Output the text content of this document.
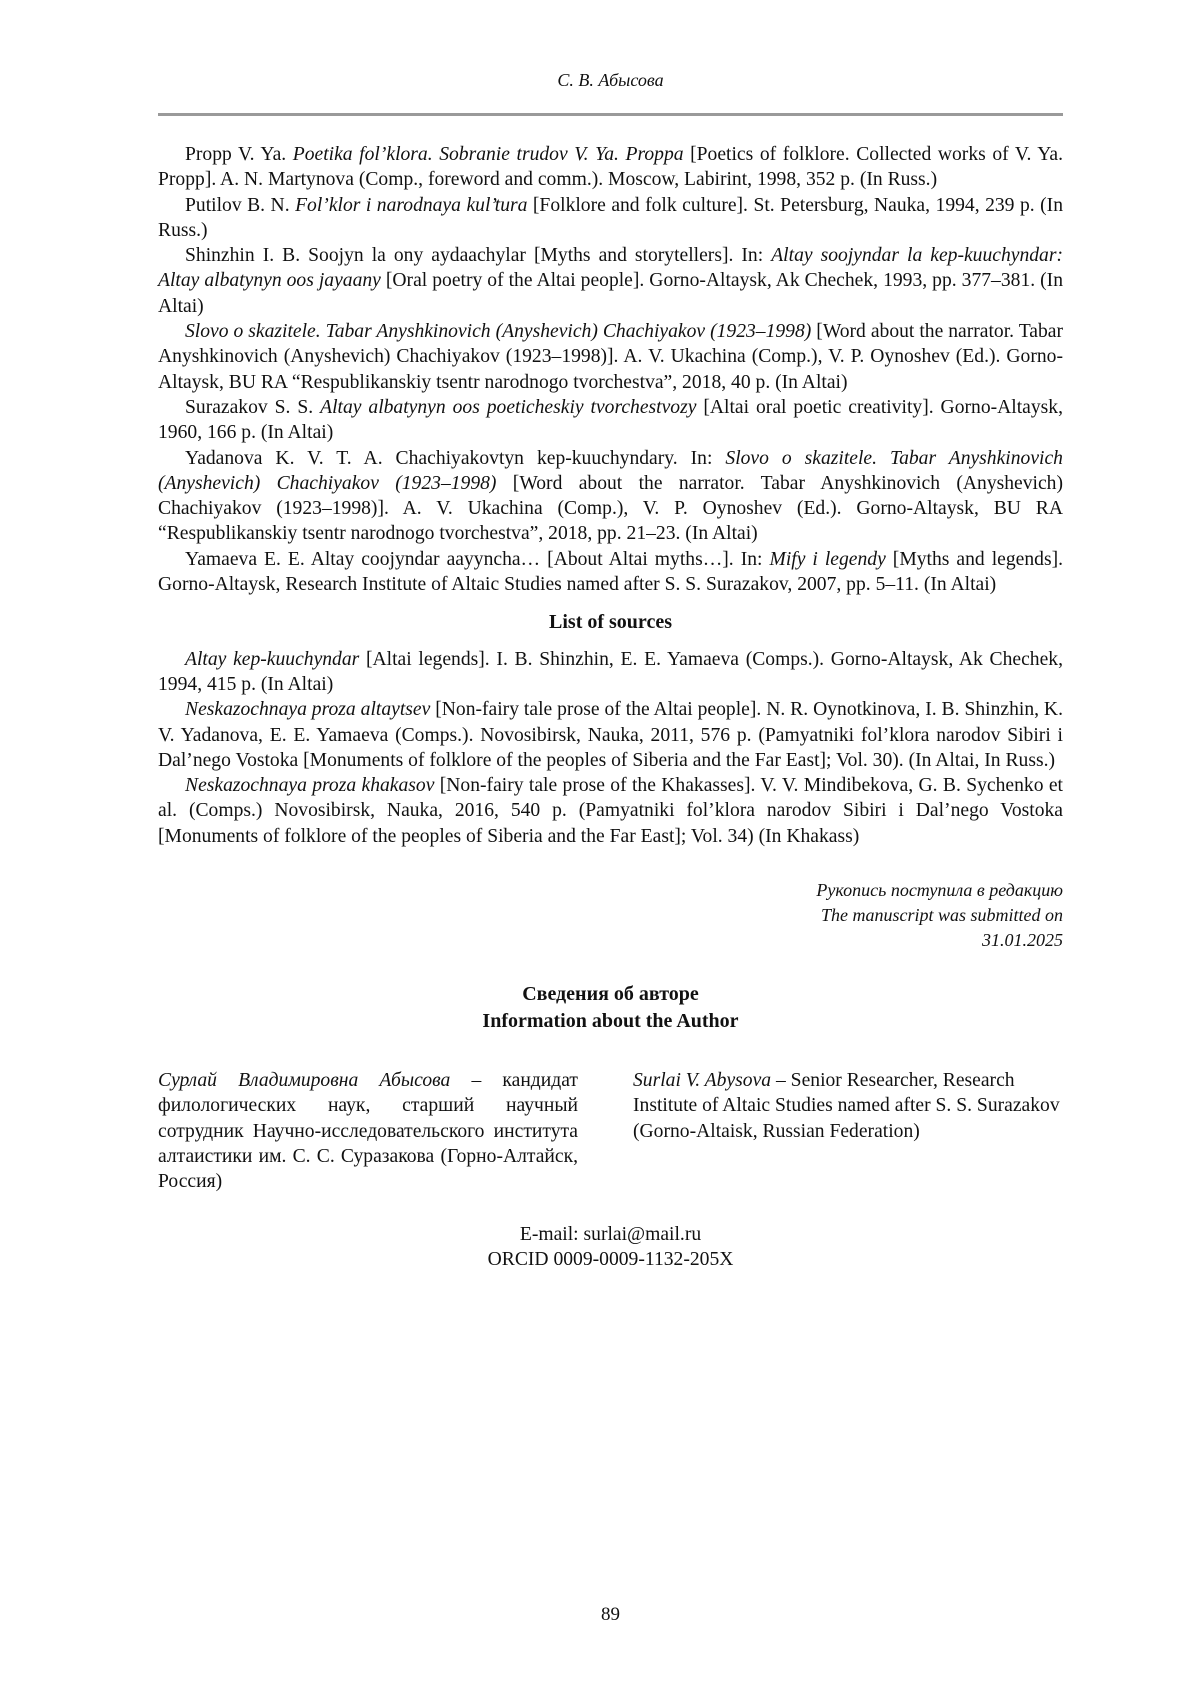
С. В. Абысова

Propp V. Ya. Poetika fol’klora. Sobranie trudov V. Ya. Proppa [Poetics of folklore. Collected works of V. Ya. Propp]. A. N. Martynova (Comp., foreword and comm.). Moscow, Labirint, 1998, 352 p. (In Russ.)

Putilov B. N. Fol’klor i narodnaya kul’tura [Folklore and folk culture]. St. Petersburg, Nauka, 1994, 239 p. (In Russ.)

Shinzhin I. B. Soojyn la ony aydaachylar [Myths and storytellers]. In: Altay soojyndar la kep-kuuchyndar: Altay albatynyn oos jayaany [Oral poetry of the Altai people]. Gorno-Altaysk, Ak Chechek, 1993, pp. 377–381. (In Altai)

Slovo o skazitele. Tabar Anyshkinovich (Anyshevich) Chachiyakov (1923–1998) [Word about the narrator. Tabar Anyshkinovich (Anyshevich) Chachiyakov (1923–1998)]. A. V. Ukachina (Comp.), V. P. Oynoshev (Ed.). Gorno-Altaysk, BU RA “Respublikanskiy tsentr narodnogo tvorchestva”, 2018, 40 p. (In Altai)

Surazakov S. S. Altay albatynyn oos poeticheskiy tvorchestvozy [Altai oral poetic creativity]. Gorno-Altaysk, 1960, 166 p. (In Altai)

Yadanova K. V. T. A. Chachiyakovtyn kep-kuuchyndary. In: Slovo o skazitele. Tabar Anyshkinovich (Anyshevich) Chachiyakov (1923–1998) [Word about the narrator. Tabar Anyshkinovich (Anyshevich) Chachiyakov (1923–1998)]. A. V. Ukachina (Comp.), V. P. Oynoshev (Ed.). Gorno-Altaysk, BU RA “Respublikanskiy tsentr narodnogo tvorchestva”, 2018, pp. 21–23. (In Altai)

Yamaeva E. E. Altay coojyndar aayyncha… [About Altai myths…]. In: Mify i legendy [Myths and legends]. Gorno-Altaysk, Research Institute of Altaic Studies named after S. S. Surazakov, 2007, pp. 5–11. (In Altai)

List of sources

Altay kep-kuuchyndar [Altai legends]. I. B. Shinzhin, E. E. Yamaeva (Comps.). Gorno-Altaysk, Ak Chechek, 1994, 415 p. (In Altai)

Neskazochnaya proza altaytsev [Non-fairy tale prose of the Altai people]. N. R. Oynotkinova, I. B. Shinzhin, K. V. Yadanova, E. E. Yamaeva (Comps.). Novosibirsk, Nauka, 2011, 576 p. (Pamyatniki fol’klora narodov Sibiri i Dal’nego Vostoka [Monuments of folklore of the peoples of Siberia and the Far East]; Vol. 30). (In Altai, In Russ.)

Neskazochnaya proza khakasov [Non-fairy tale prose of the Khakasses]. V. V. Mindibekova, G. B. Sychenko et al. (Comps.) Novosibirsk, Nauka, 2016, 540 p. (Pamyatniki fol’klora narodov Sibiri i Dal’nego Vostoka [Monuments of folklore of the peoples of Siberia and the Far East]; Vol. 34) (In Khakass)

Рукопись поступила в редакцию
The manuscript was submitted on
31.01.2025
Сведения об авторе
Information about the Author
Сурлай Владимировна Абысова – кандидат филологических наук, старший научный сотрудник Научно-исследовательского института алтаистики им. С. С. Суразакова (Горно-Алтайск, Россия)
Surlai V. Abysova – Senior Researcher, Research Institute of Altaic Studies named after S. S. Surazakov (Gorno-Altaisk, Russian Federation)
E-mail: surlai@mail.ru
ORCID 0009-0009-1132-205X
89
